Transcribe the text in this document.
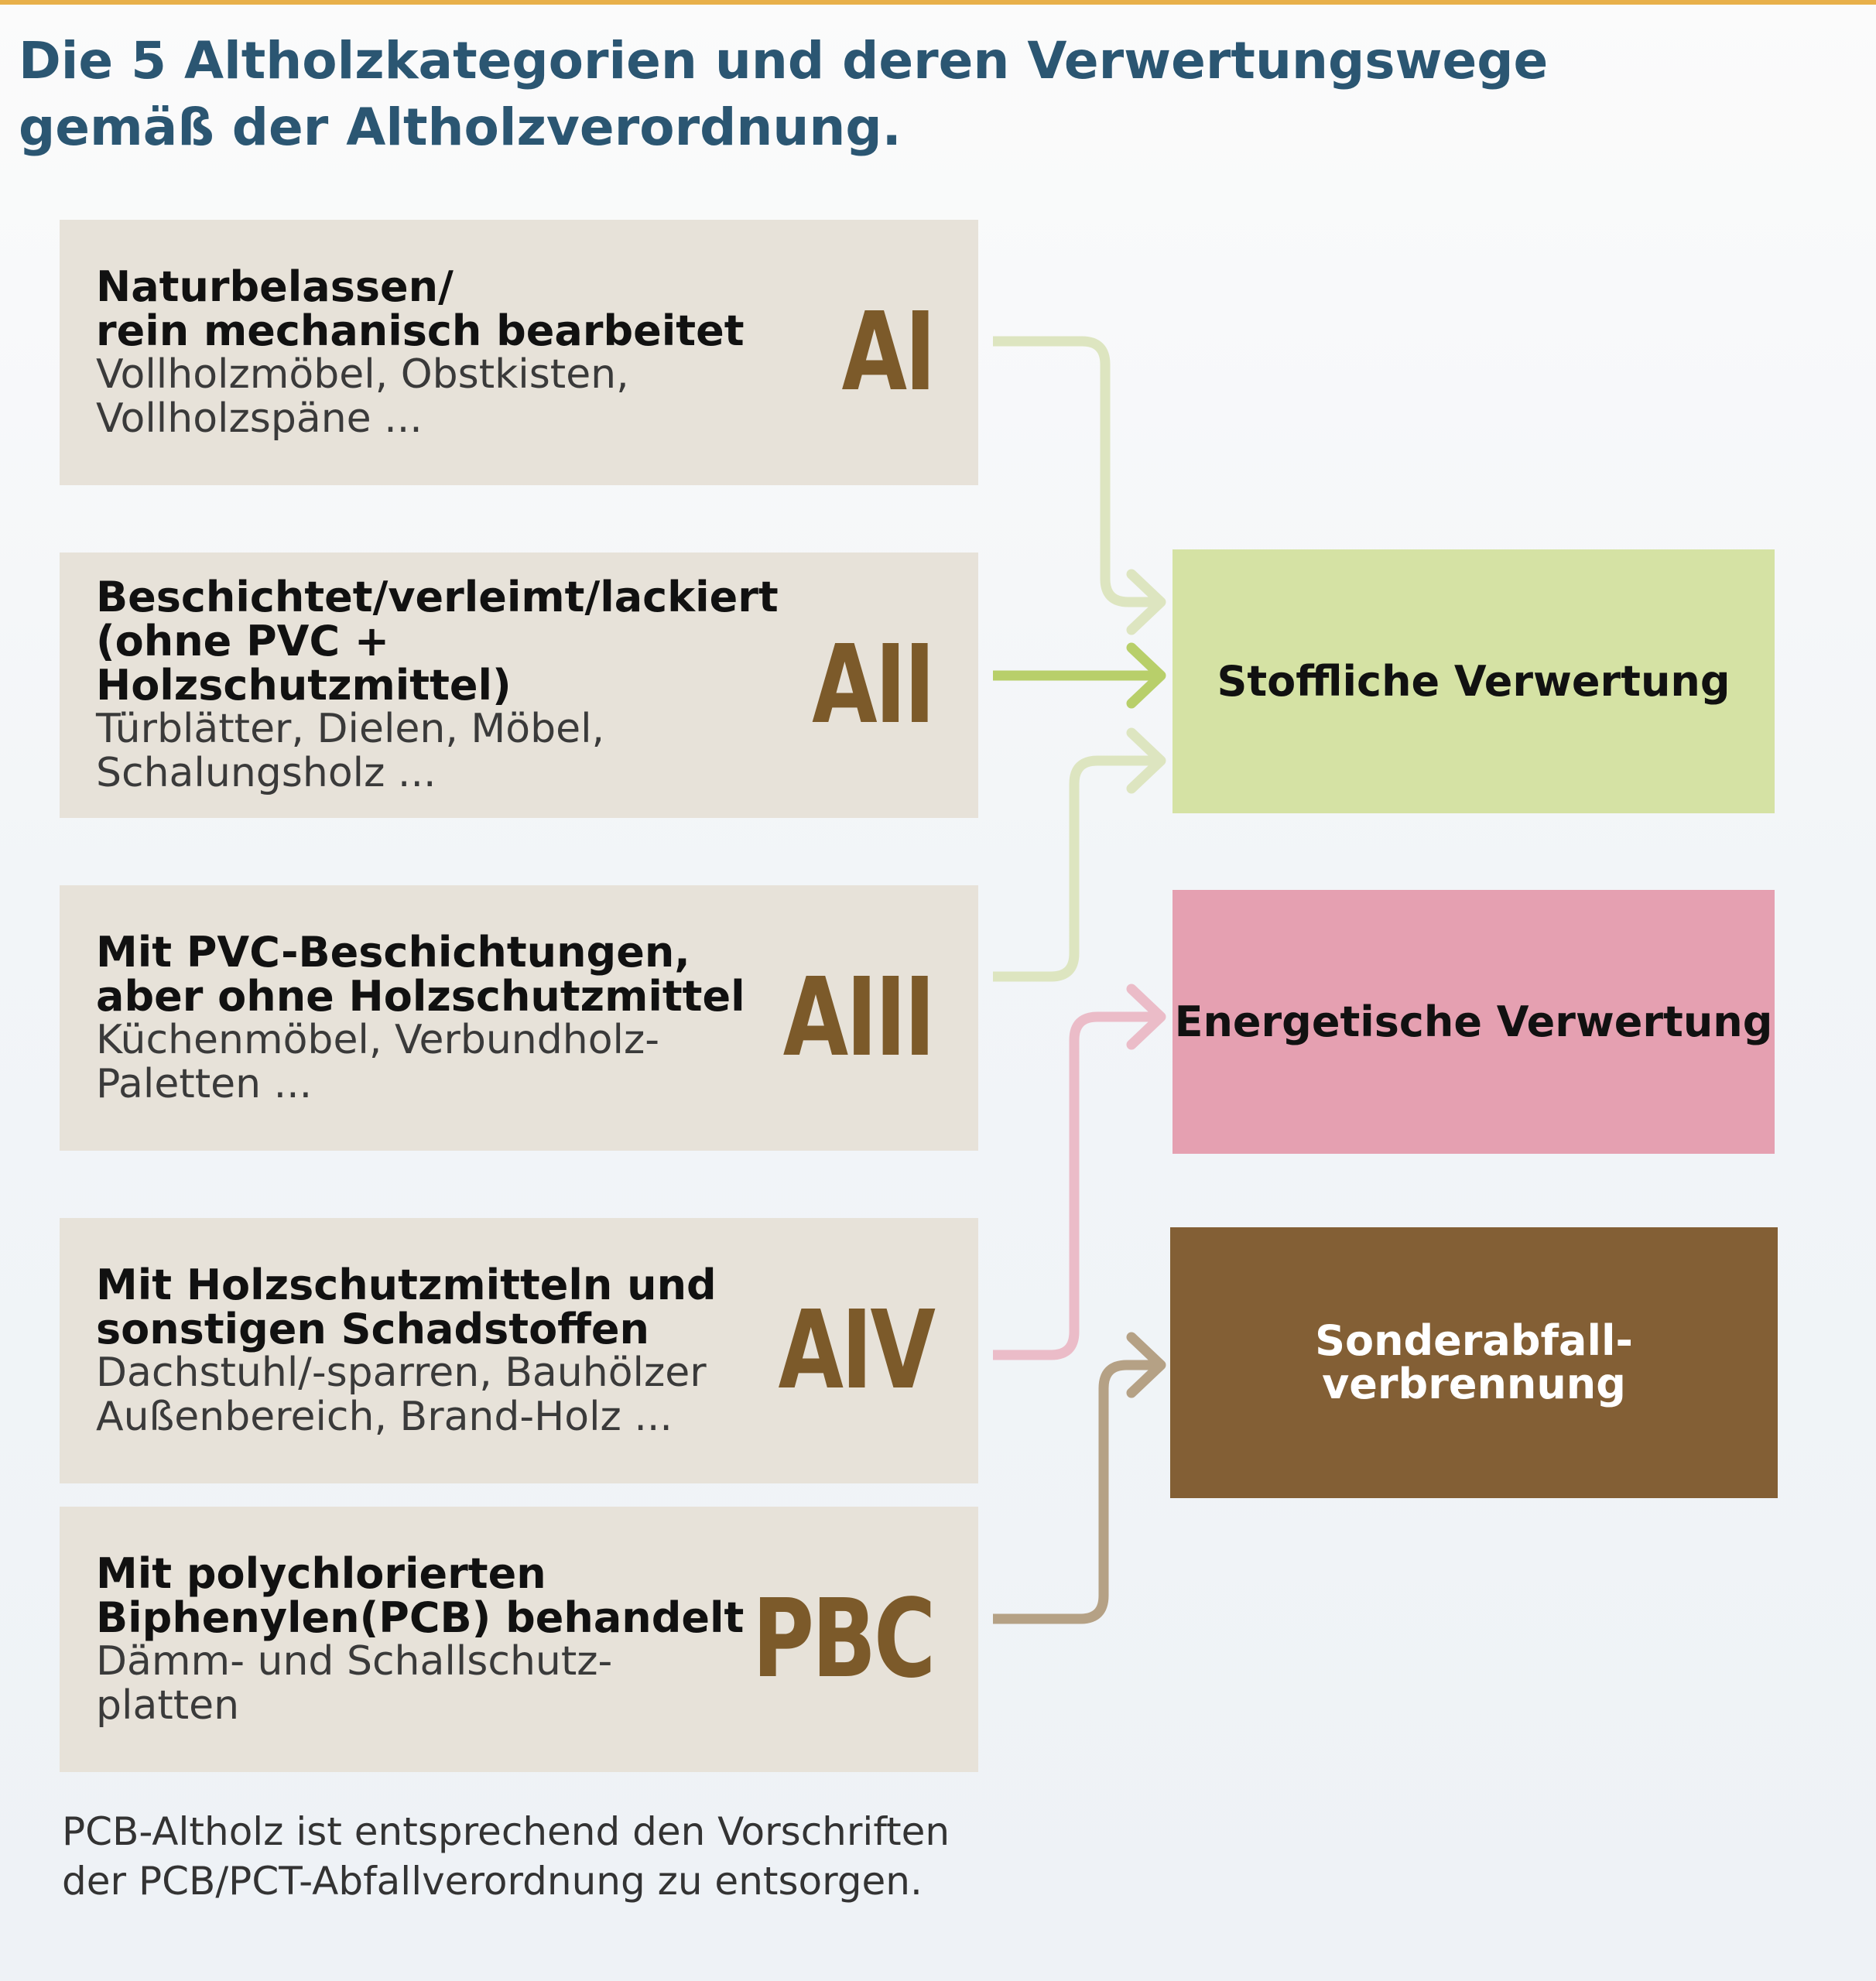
Die 5 Altholzkategorien und deren Verwertungswege gemäß der Altholzverordnung.
Naturbelassen/
rein mechanisch bearbeitet
Vollholzmöbel, Obstkisten,
Vollholzspäne ...
AI
Beschichtet/verleimt/lackiert
(ohne PVC + Holzschutzmittel)
Türblätter, Dielen, Möbel,
Schalungsholz ...
AII
Mit PVC-Beschichtungen,
aber ohne Holzschutzmittel
Küchenmöbel, Verbundholz-
Paletten ...
AIII
Mit Holzschutzmitteln und
sonstigen Schadstoffen
Dachstuhl/-sparren, Bauhölzer
Außenbereich, Brand-Holz ...
AIV
Mit polychlorierten
Biphenylen(PCB) behandelt
Dämm- und Schallschutz-
platten
PBC
Stoffliche Verwertung
Energetische Verwertung
Sonderabfall-
verbrennung
PCB-Altholz ist entsprechend den Vorschriften
der PCB/PCT-Abfallverordnung zu entsorgen.
